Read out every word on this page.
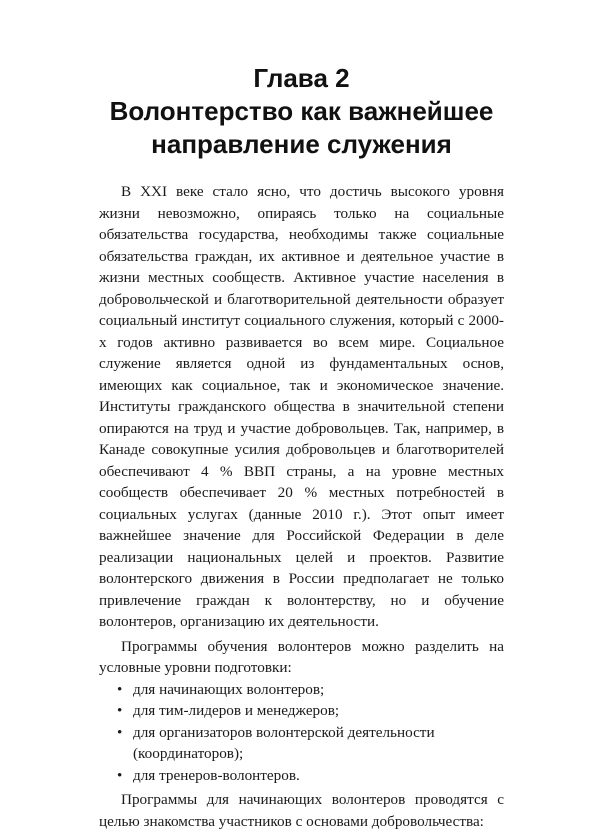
Глава 2
Волонтерство как важнейшее
направление служения

В XXI веке стало ясно, что достичь высокого уровня жизни невозможно, опираясь только на социальные обязательства государства, необходимы также социальные обязательства граждан, их активное и деятельное участие в жизни местных сообществ. Активное участие населения в добровольческой и благотворительной деятельности образует социальный институт социального служения, который с 2000-х годов активно развивается во всем мире. Социальное служение является одной из фундаментальных основ, имеющих как социальное, так и экономическое значение. Институты гражданского общества в значительной степени опираются на труд и участие добровольцев. Так, например, в Канаде совокупные усилия добровольцев и благотворителей обеспечивают 4 % ВВП страны, а на уровне местных сообществ обеспечивает 20 % местных потребностей в социальных услугах (данные 2010 г.). Этот опыт имеет важнейшее значение для Российской Федерации в деле реализации национальных целей и проектов. Развитие волонтерского движения в России предполагает не только привлечение граждан к волонтерству, но и обучение волонтеров, организацию их деятельности.

Программы обучения волонтеров можно разделить на условные уровни подготовки:

• для начинающих волонтеров;
• для тим-лидеров и менеджеров;
• для организаторов волонтерской деятельности (координаторов);
• для тренеров-волонтеров.

Программы для начинающих волонтеров проводятся с целью знакомства участников с основами добровольчества:
